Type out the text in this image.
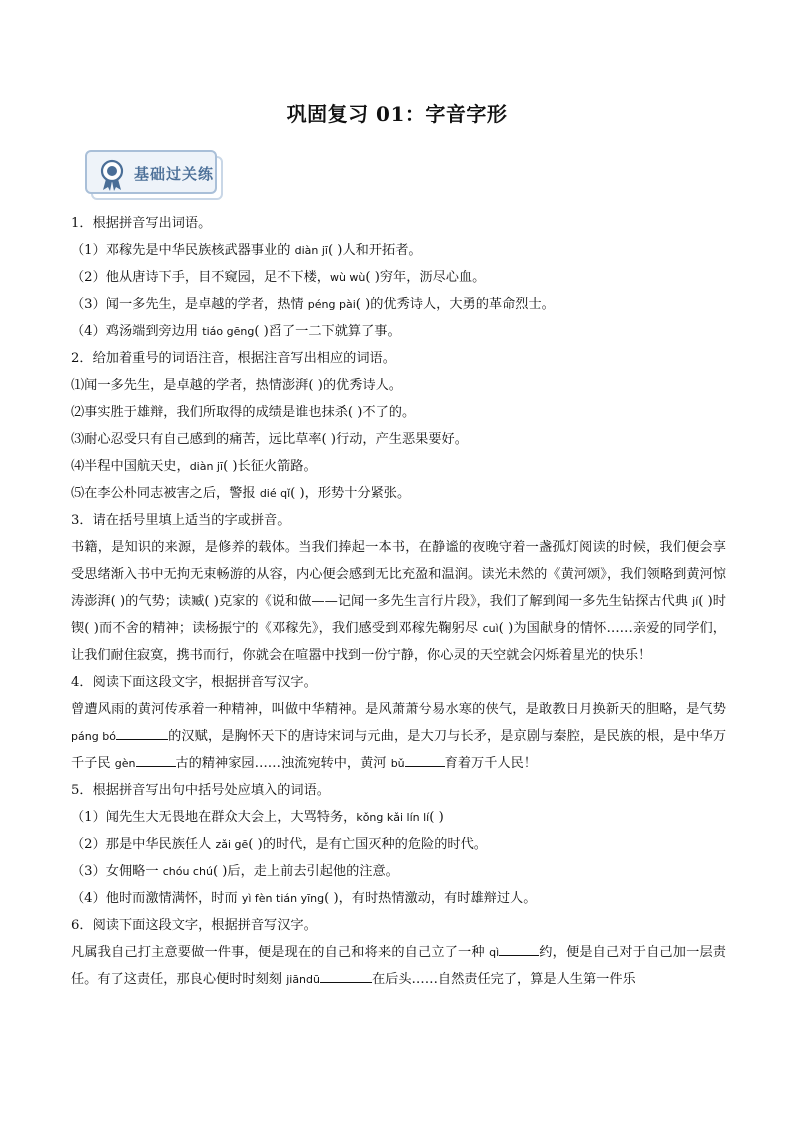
巩固复习 01：字音字形
基础过关练

1．根据拼音写出词语。

（1）邓稼先是中华民族核武器事业的 diàn jī( )人和开拓者。

（2）他从唐诗下手，目不窥园，足不下楼，wù wù( )穷年，沥尽心血。

（3）闻一多先生，是卓越的学者，热情 péng pài( )的优秀诗人，大勇的革命烈士。

（4）鸡汤端到旁边用 tiáo gēng( )舀了一二下就算了事。

2．给加着重号的词语注音，根据注音写出相应的词语。

⑴闻一多先生，是卓越的学者，热情澎湃( )的优秀诗人。

⑵事实胜于雄辩，我们所取得的成绩是谁也抹杀( )不了的。

⑶耐心忍受只有自己感到的痛苦，远比草率( )行动，产生恶果要好。

⑷半程中国航天史，diàn jī( )长征火箭路。

⑸在李公朴同志被害之后，警报 dié qǐ( )，形势十分紧张。

3．请在括号里填上适当的字或拼音。

书籍，是知识的来源，是修养的载体。当我们捧起一本书，在静谧的夜晚守着一盏孤灯阅读的时候，我们便会享受思绪渐入书中无拘无束畅游的从容，内心便会感到无比充盈和温润。读光未然的《黄河颂》，我们领略到黄河惊涛澎湃( )的气势；读臧( )克家的《说和做——记闻一多先生言行片段》，我们了解到闻一多先生钻探古代典 jí( )时锲( )而不舍的精神；读杨振宁的《邓稼先》，我们感受到邓稼先鞠躬尽 cuì( )为国献身的情怀……亲爱的同学们，让我们耐住寂寞，携书而行，你就会在喧嚣中找到一份宁静，你心灵的天空就会闪烁着星光的快乐！

4．阅读下面这段文字，根据拼音写汉字。

曾遭风雨的黄河传承着一种精神，叫做中华精神。是风萧萧兮易水寒的侠气，是敢教日月换新天的胆略，是气势 páng bó	的汉赋，是胸怀天下的唐诗宋词与元曲，是大刀与长矛，是京剧与秦腔，是民族的根，是中华万千子民 gèn	古的精神家园……浊流宛转中，黄河 bǔ	育着万千人民！

5．根据拼音写出句中括号处应填入的词语。

（1）闻先生大无畏地在群众大会上，大骂特务，kǒng kǎi lín lí( )

（2）那是中华民族任人 zǎi gē( )的时代，是有亡国灭种的危险的时代。

（3）女佣略一 chóu chú( )后，走上前去引起他的注意。

（4）他时而激情满怀，时而 yì fèn tián yīng( )，有时热情激动，有时雄辩过人。

6．阅读下面这段文字，根据拼音写汉字。

凡属我自己打主意要做一件事，便是现在的自己和将来的自己立了一种 qì	约，便是自己对于自己加一层责任。有了这责任，那良心便时时刻刻 jiāndū	在后头……自然责任完了，算是人生第一件乐
